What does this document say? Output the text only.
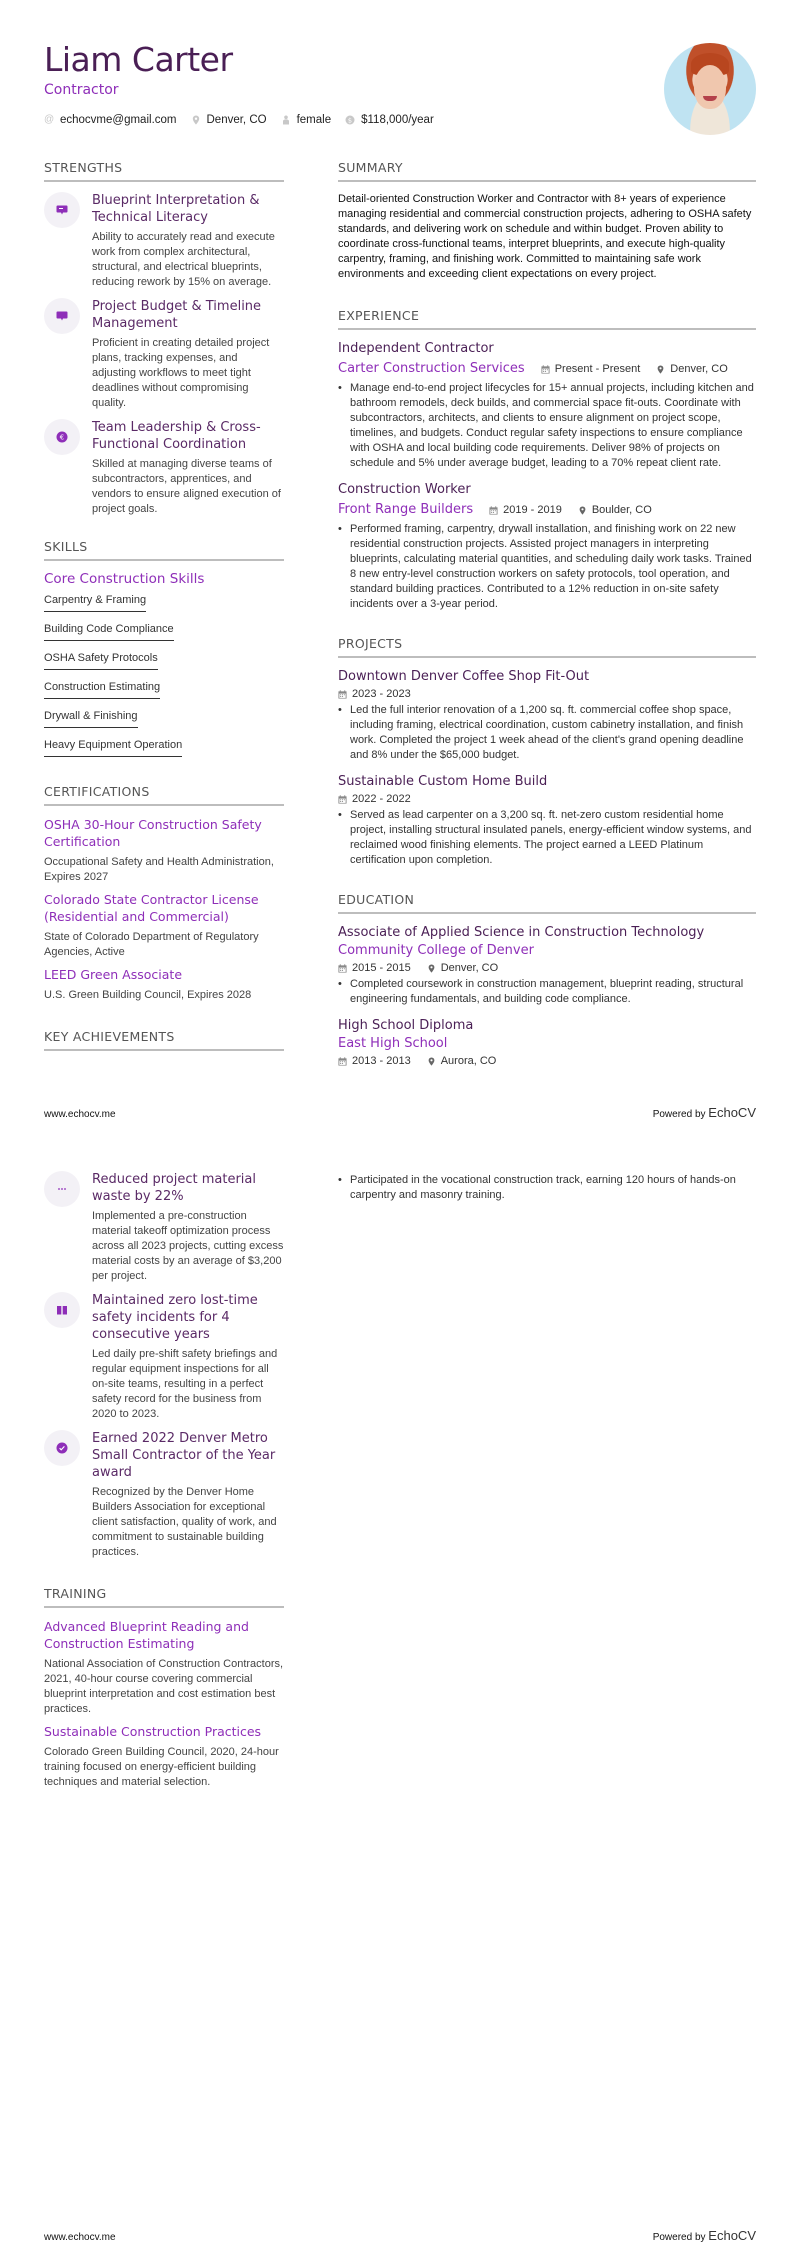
Liam Carter
Contractor
@ echocvme@gmail.com	Denver, CO	female	$ $118,000/year
STRENGTHS
Blueprint Interpretation & Technical Literacy
Ability to accurately read and execute work from complex architectural, structural, and electrical blueprints, reducing rework by 15% on average.
Project Budget & Timeline Management
Proficient in creating detailed project plans, tracking expenses, and adjusting workflows to meet tight deadlines without compromising quality.
€
Team Leadership & Cross-Functional Coordination
Skilled at managing diverse teams of subcontractors, apprentices, and vendors to ensure aligned execution of project goals.
SKILLS
Core Construction Skills
Carpentry & Framing
Building Code Compliance
OSHA Safety Protocols
Construction Estimating
Drywall & Finishing
Heavy Equipment Operation
CERTIFICATIONS
OSHA 30-Hour Construction Safety Certification
Occupational Safety and Health Administration, Expires 2027
Colorado State Contractor License (Residential and Commercial)
State of Colorado Department of Regulatory Agencies, Active
LEED Green Associate
U.S. Green Building Council, Expires 2028
KEY ACHIEVEMENTS
SUMMARY
Detail-oriented Construction Worker and Contractor with 8+ years of experience managing residential and commercial construction projects, adhering to OSHA safety standards, and delivering work on schedule and within budget. Proven ability to coordinate cross-functional teams, interpret blueprints, and execute high-quality carpentry, framing, and finishing work. Committed to maintaining safe work environments and exceeding client expectations on every project.
EXPERIENCE
Independent Contractor
Carter Construction Services	Present - Present	Denver, CO
• Manage end-to-end project lifecycles for 15+ annual projects, including kitchen and bathroom remodels, deck builds, and commercial space fit-outs. Coordinate with subcontractors, architects, and clients to ensure alignment on project scope, timelines, and budgets. Conduct regular safety inspections to ensure compliance with OSHA and local building code requirements. Deliver 98% of projects on schedule and 5% under average budget, leading to a 70% repeat client rate.

Construction Worker
Front Range Builders	2019 - 2019	Boulder, CO
• Performed framing, carpentry, drywall installation, and finishing work on 22 new residential construction projects. Assisted project managers in interpreting blueprints, calculating material quantities, and scheduling daily work tasks. Trained 8 new entry-level construction workers on safety protocols, tool operation, and standard building practices. Contributed to a 12% reduction in on-site safety incidents over a 3-year period.

PROJECTS
Downtown Denver Coffee Shop Fit-Out
2023 - 2023
• Led the full interior renovation of a 1,200 sq. ft. commercial coffee shop space, including framing, electrical coordination, custom cabinetry installation, and finish work. Completed the project 1 week ahead of the client's grand opening deadline and 8% under the $65,000 budget.

Sustainable Custom Home Build
2022 - 2022
• Served as lead carpenter on a 3,200 sq. ft. net-zero custom residential home project, installing structural insulated panels, energy-efficient window systems, and reclaimed wood finishing elements. The project earned a LEED Platinum certification upon completion.

EDUCATION
Associate of Applied Science in Construction Technology
Community College of Denver
2015 - 2015	Denver, CO
• Completed coursework in construction management, blueprint reading, structural engineering fundamentals, and building code compliance.

High School Diploma
East High School
2013 - 2013	Aurora, CO
www.echocv.me	Powered by EchoCV
Reduced project material waste by 22%
Implemented a pre-construction material takeoff optimization process across all 2023 projects, cutting excess material costs by an average of $3,200 per project.
Maintained zero lost-time safety incidents for 4 consecutive years
Led daily pre-shift safety briefings and regular equipment inspections for all on-site teams, resulting in a perfect safety record for the business from 2020 to 2023.
Earned 2022 Denver Metro Small Contractor of the Year award
Recognized by the Denver Home Builders Association for exceptional client satisfaction, quality of work, and commitment to sustainable building practices.
TRAINING
Advanced Blueprint Reading and Construction Estimating
National Association of Construction Contractors, 2021, 40-hour course covering commercial blueprint interpretation and cost estimation best practices.
Sustainable Construction Practices
Colorado Green Building Council, 2020, 24-hour training focused on energy-efficient building techniques and material selection.
• Participated in the vocational construction track, earning 120 hours of hands-on carpentry and masonry training.

www.echocv.me	Powered by EchoCV
